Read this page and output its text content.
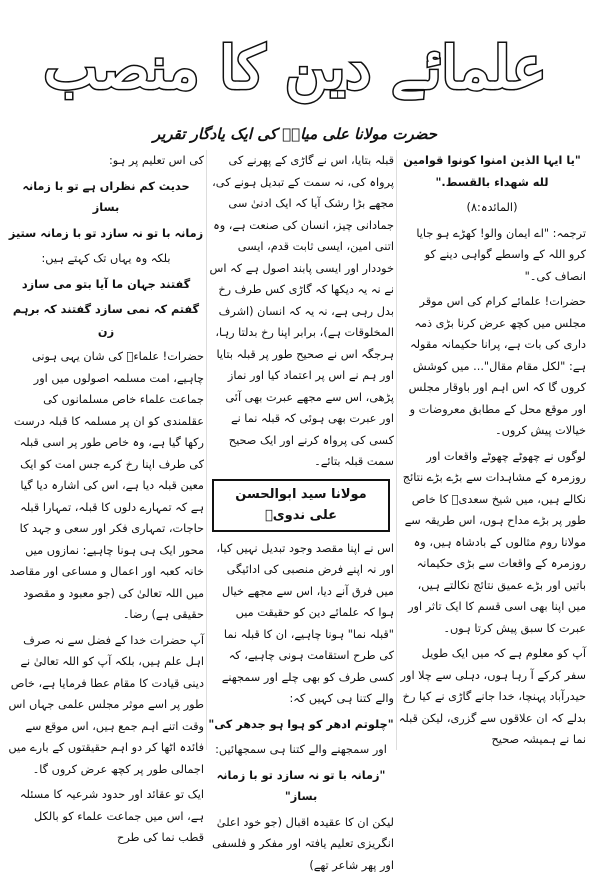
علمائے دین کا منصب
حضرت مولانا علی میاںؒ کی ایک یادگار تقریر

"یا ایہا الذین امنوا کونوا قوامین لله شهداء بالقسط."

(المائدہ:۸)

ترجمہ: "اے ایمان والو! کھڑے ہو جایا کرو اللہ کے واسطے گواہی دینے کو انصاف کی۔"

حضرات! علمائے کرام کی اس موقر مجلس میں کچھ عرض کرنا بڑی ذمہ داری کی بات ہے، پرانا حکیمانہ مقولہ ہے: "لکل مقام مقال"... میں کوشش کروں گا کہ اس اہم اور باوقار مجلس اور موقع محل کے مطابق معروضات و خیالات پیش کروں۔

لوگوں نے چھوٹے چھوٹے واقعات اور روزمرہ کے مشاہدات سے بڑے بڑے نتائج نکالے ہیں، میں شیخ سعدیؒ کا خاص طور پر بڑے مداح ہوں، اس طریقہ سے مولانا روم مثالوں کے بادشاہ ہیں، وہ روزمرہ کے واقعات سے بڑی حکیمانہ باتیں اور بڑے عمیق نتائج نکالتے ہیں، میں اپنا بھی اسی قسم کا ایک تاثر اور عبرت کا سبق پیش کرتا ہوں۔

آپ کو معلوم ہے کہ میں ایک طویل سفر کرکے آ رہا ہوں، دہلی سے چلا اور حیدرآباد پہنچا، خدا جانے گاڑی نے کیا رخ بدلے کہ ان علاقوں سے گزری، لیکن قبلہ نما نے ہمیشہ صحیح

قبلہ بتایا، اس نے گاڑی کے پھرنے کی پرواہ کی، نہ سمت کے تبدیل ہونے کی، مجھے بڑا رشک آیا کہ ایک ادنیٰ سی جمادانی چیز، انسان کی صنعت ہے، وہ اتنی امین، ایسی ثابت قدم، ایسی خوددار اور ایسی پابند اصول ہے کہ اس نے نہ یہ دیکھا کہ گاڑی کس طرف رخ بدل رہی ہے، نہ یہ کہ انسان (اشرف المخلوقات ہے)، برابر اپنا رخ بدلتا رہا، ہرجگہ اس نے صحیح طور پر قبلہ بتایا اور ہم نے اس پر اعتماد کیا اور نماز پڑھی، اس سے مجھے عبرت بھی آئی اور عبرت بھی ہوئی کہ قبلہ نما نے کسی کی پرواہ کرنے اور ایک صحیح سمت قبلہ بتائے۔

مولانا سید ابوالحسن علی ندویؒ

اس نے اپنا مقصد وجود تبدیل نہیں کیا، اور نہ اپنے فرض منصبی کی ادائیگی میں فرق آنے دیا، اس سے مجھے خیال ہوا کہ علمائے دین کو حقیقت میں "قبلہ نما" ہونا چاہیے، ان کا قبلہ نما کی طرح استقامت ہونی چاہیے، کہ کسی طرف کو بھی چلے اور سمجھنے والے کتنا ہی کہیں کہ:

"چلوتم ادھر کو ہوا ہو جدھر کی"

اور سمجھنے والے کتنا ہی سمجھائیں:

"زمانہ با تو نہ سازد تو با زمانہ بساز"

لیکن ان کا عقیدہ اقبال (جو خود اعلیٰ انگریزی تعلیم یافتہ اور مفکر و فلسفی اور پھر شاعر تھے)

کی اس تعلیم پر ہو:

حدیث کم نظراں ہے تو با زمانہ بساز

زمانہ با تو نہ سازد تو با زمانہ ستیز

بلکہ وہ یہاں تک کہتے ہیں:

گفتند جہان ما آیا بتو می سازد

گفتم کہ نمی سازد گفتند کہ برہم زن

حضرات! علماءؒ کی شان یہی ہونی چاہیے، امت مسلمہ اصولوں میں اور جماعت علماء خاص مسلمانوں کی عقلمندی کو ان پر مسلمہ کا قبلہ درست رکھا گیا ہے، وہ خاص طور پر اسی قبلہ کی طرف اپنا رخ کرے جس امت کو ایک معین قبلہ دیا ہے، اس کی اشارہ دیا گیا ہے کہ تمہارے دلوں کا قبلہ، تمہارا قبلہ حاجات، تمہاری فکر اور سعی و جہد کا محور ایک ہی ہونا چاہیے: نمازوں میں خانہ کعبہ اور اعمال و مساعی اور مقاصد میں اللہ تعالیٰ کی (جو معبود و مقصود حقیقی ہے) رضا۔

آپ حضرات خدا کے فضل سے نہ صرف اہل علم ہیں، بلکہ آپ کو اللہ تعالیٰ نے دینی قیادت کا مقام عطا فرمایا ہے، خاص طور پر اسے موثر مجلس علمی جہاں اس وقت اتنے اہم جمع ہیں، اس موقع سے فائدہ اٹھا کر دو اہم حقیقتوں کے بارے میں اجمالی طور پر کچھ عرض کروں گا۔

ایک تو عقائد اور حدود شرعیہ کا مسئلہ ہے، اس میں جماعت علماء کو بالکل قطب نما کی طرح
